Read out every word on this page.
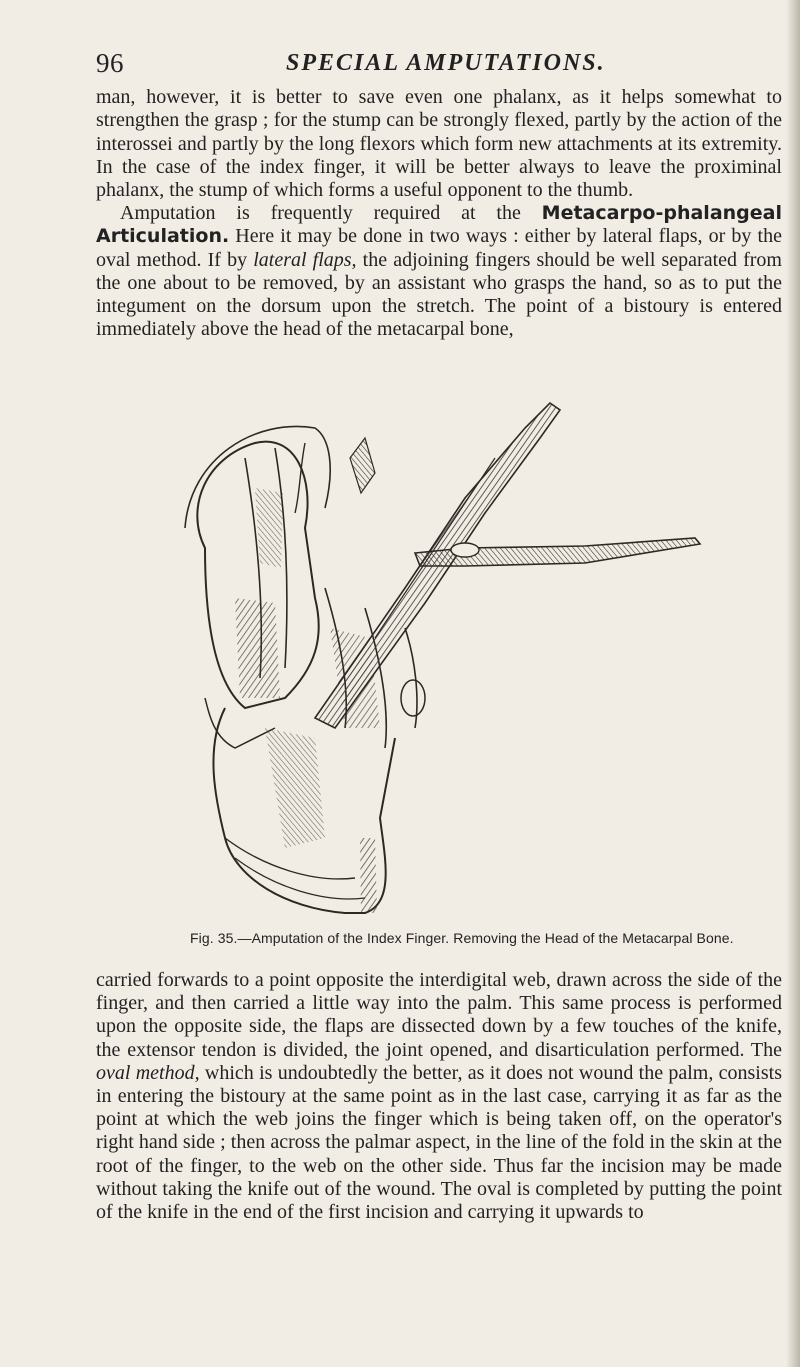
96	SPECIAL AMPUTATIONS.

man, however, it is better to save even one phalanx, as it helps somewhat to strengthen the grasp ; for the stump can be strongly flexed, partly by the action of the interossei and partly by the long flexors which form new attachments at its extremity. In the case of the index finger, it will be better always to leave the proximinal phalanx, the stump of which forms a useful opponent to the thumb.

Amputation is frequently required at the Metacarpo-phalangeal Articulation. Here it may be done in two ways : either by lateral flaps, or by the oval method. If by lateral flaps, the adjoining fingers should be well separated from the one about to be removed, by an assistant who grasps the hand, so as to put the integument on the dorsum upon the stretch. The point of a bistoury is entered immediately above the head of the metacarpal bone,

Fig. 35.—Amputation of the Index Finger. Removing the Head of the Metacarpal Bone.

carried forwards to a point opposite the interdigital web, drawn across the side of the finger, and then carried a little way into the palm. This same process is performed upon the opposite side, the flaps are dissected down by a few touches of the knife, the extensor tendon is divided, the joint opened, and disarticulation performed. The oval method, which is undoubtedly the better, as it does not wound the palm, consists in entering the bistoury at the same point as in the last case, carrying it as far as the point at which the web joins the finger which is being taken off, on the operator's right hand side ; then across the palmar aspect, in the line of the fold in the skin at the root of the finger, to the web on the other side. Thus far the incision may be made without taking the knife out of the wound. The oval is completed by putting the point of the knife in the end of the first incision and carrying it upwards to
